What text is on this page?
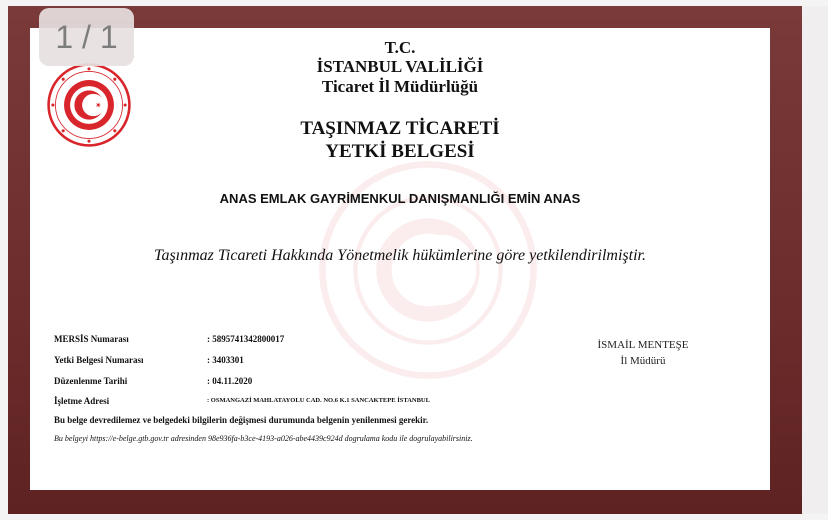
1 / 1	T.C.
İSTANBUL VALİLİĞİ
Ticaret İl Müdürlüğü
TAŞINMAZ TİCARETİ
YETKİ BELGESİ
ANAS EMLAK GAYRİMENKUL DANIŞMANLIĞI EMİN ANAS
Taşınmaz Ticareti Hakkında Yönetmelik hükümlerine göre yetkilendirilmiştir.
MERSİS Numarası	: 5895741342800017
Yetki Belgesi Numarası	: 3403301
Düzenlenme Tarihi	: 04.11.2020
İşletme Adresi	: OSMANGAZİ MAHLATAYOLU CAD. NO.6 K.1 SANCAKTEPE İSTANBUL
Bu belge devredilemez ve belgedeki bilgilerin değişmesi durumunda belgenin yenilenmesi gerekir.
Bu belgeyi https://e-belge.gtb.gov.tr adresinden 98e936fa-b3ce-4193-a026-abe4439c924d dogrulama kodu ile dogrulayabilirsiniz.
İSMAİL MENTEŞE
İl Müdürü
